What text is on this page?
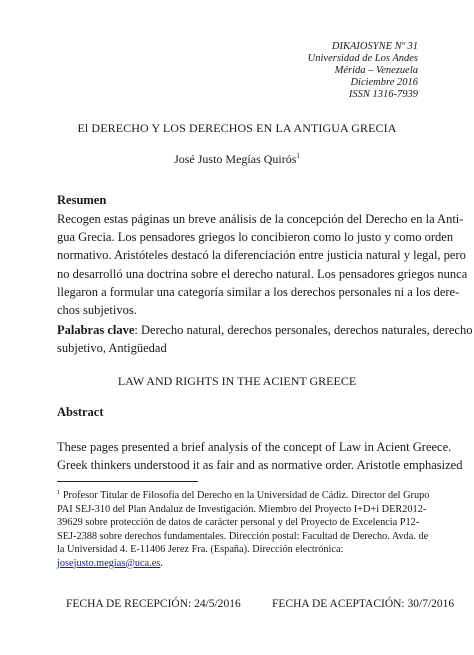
DIKAIOSYNE Nº 31
Universidad de Los Andes
Mérida – Venezuela
Diciembre 2016
ISSN 1316-7939
El DERECHO Y LOS DERECHOS EN LA ANTIGUA GRECIA
José Justo Megías Quirós$^1$
Resumen
Recogen estas páginas un breve análisis de la concepción del Derecho en la Anti-
gua Grecia. Los pensadores griegos lo concibieron como lo justo y como orden
normativo. Aristóteles destacó la diferenciación entre justicia natural y legal, pero
no desarrolló una doctrina sobre el derecho natural. Los pensadores griegos nunca
llegaron a formular una categoría similar a los derechos personales ni a los dere-
chos subjetivos.
Palabras clave: Derecho natural, derechos personales, derechos naturales, derecho
subjetivo, Antigüedad
LAW AND RIGHTS IN THE ACIENT GREECE
Abstract
These pages presented a brief analysis of the concept of Law in Acient Greece.
Greek thinkers understood it as fair and as normative order. Aristotle emphasized
$^1$ Profesor Titular de Filosofía del Derecho en la Universidad de Cádiz. Director del Grupo
PAI SEJ-310 del Plan Andaluz de Investigación. Miembro del Proyecto I+D+i DER2012-
39629 sobre protección de datos de carácter personal y del Proyecto de Excelencia P12-
SEJ-2388 sobre derechos fundamentales. Dirección postal: Facultad de Derecho. Avda. de
la Universidad 4. E-11406 Jerez Fra. (España). Dirección electrónica:
josejusto.megias@uca.es.
FECHA DE RECEPCIÓN: 24/5/2016	FECHA DE ACEPTACIÓN: 30/7/2016
